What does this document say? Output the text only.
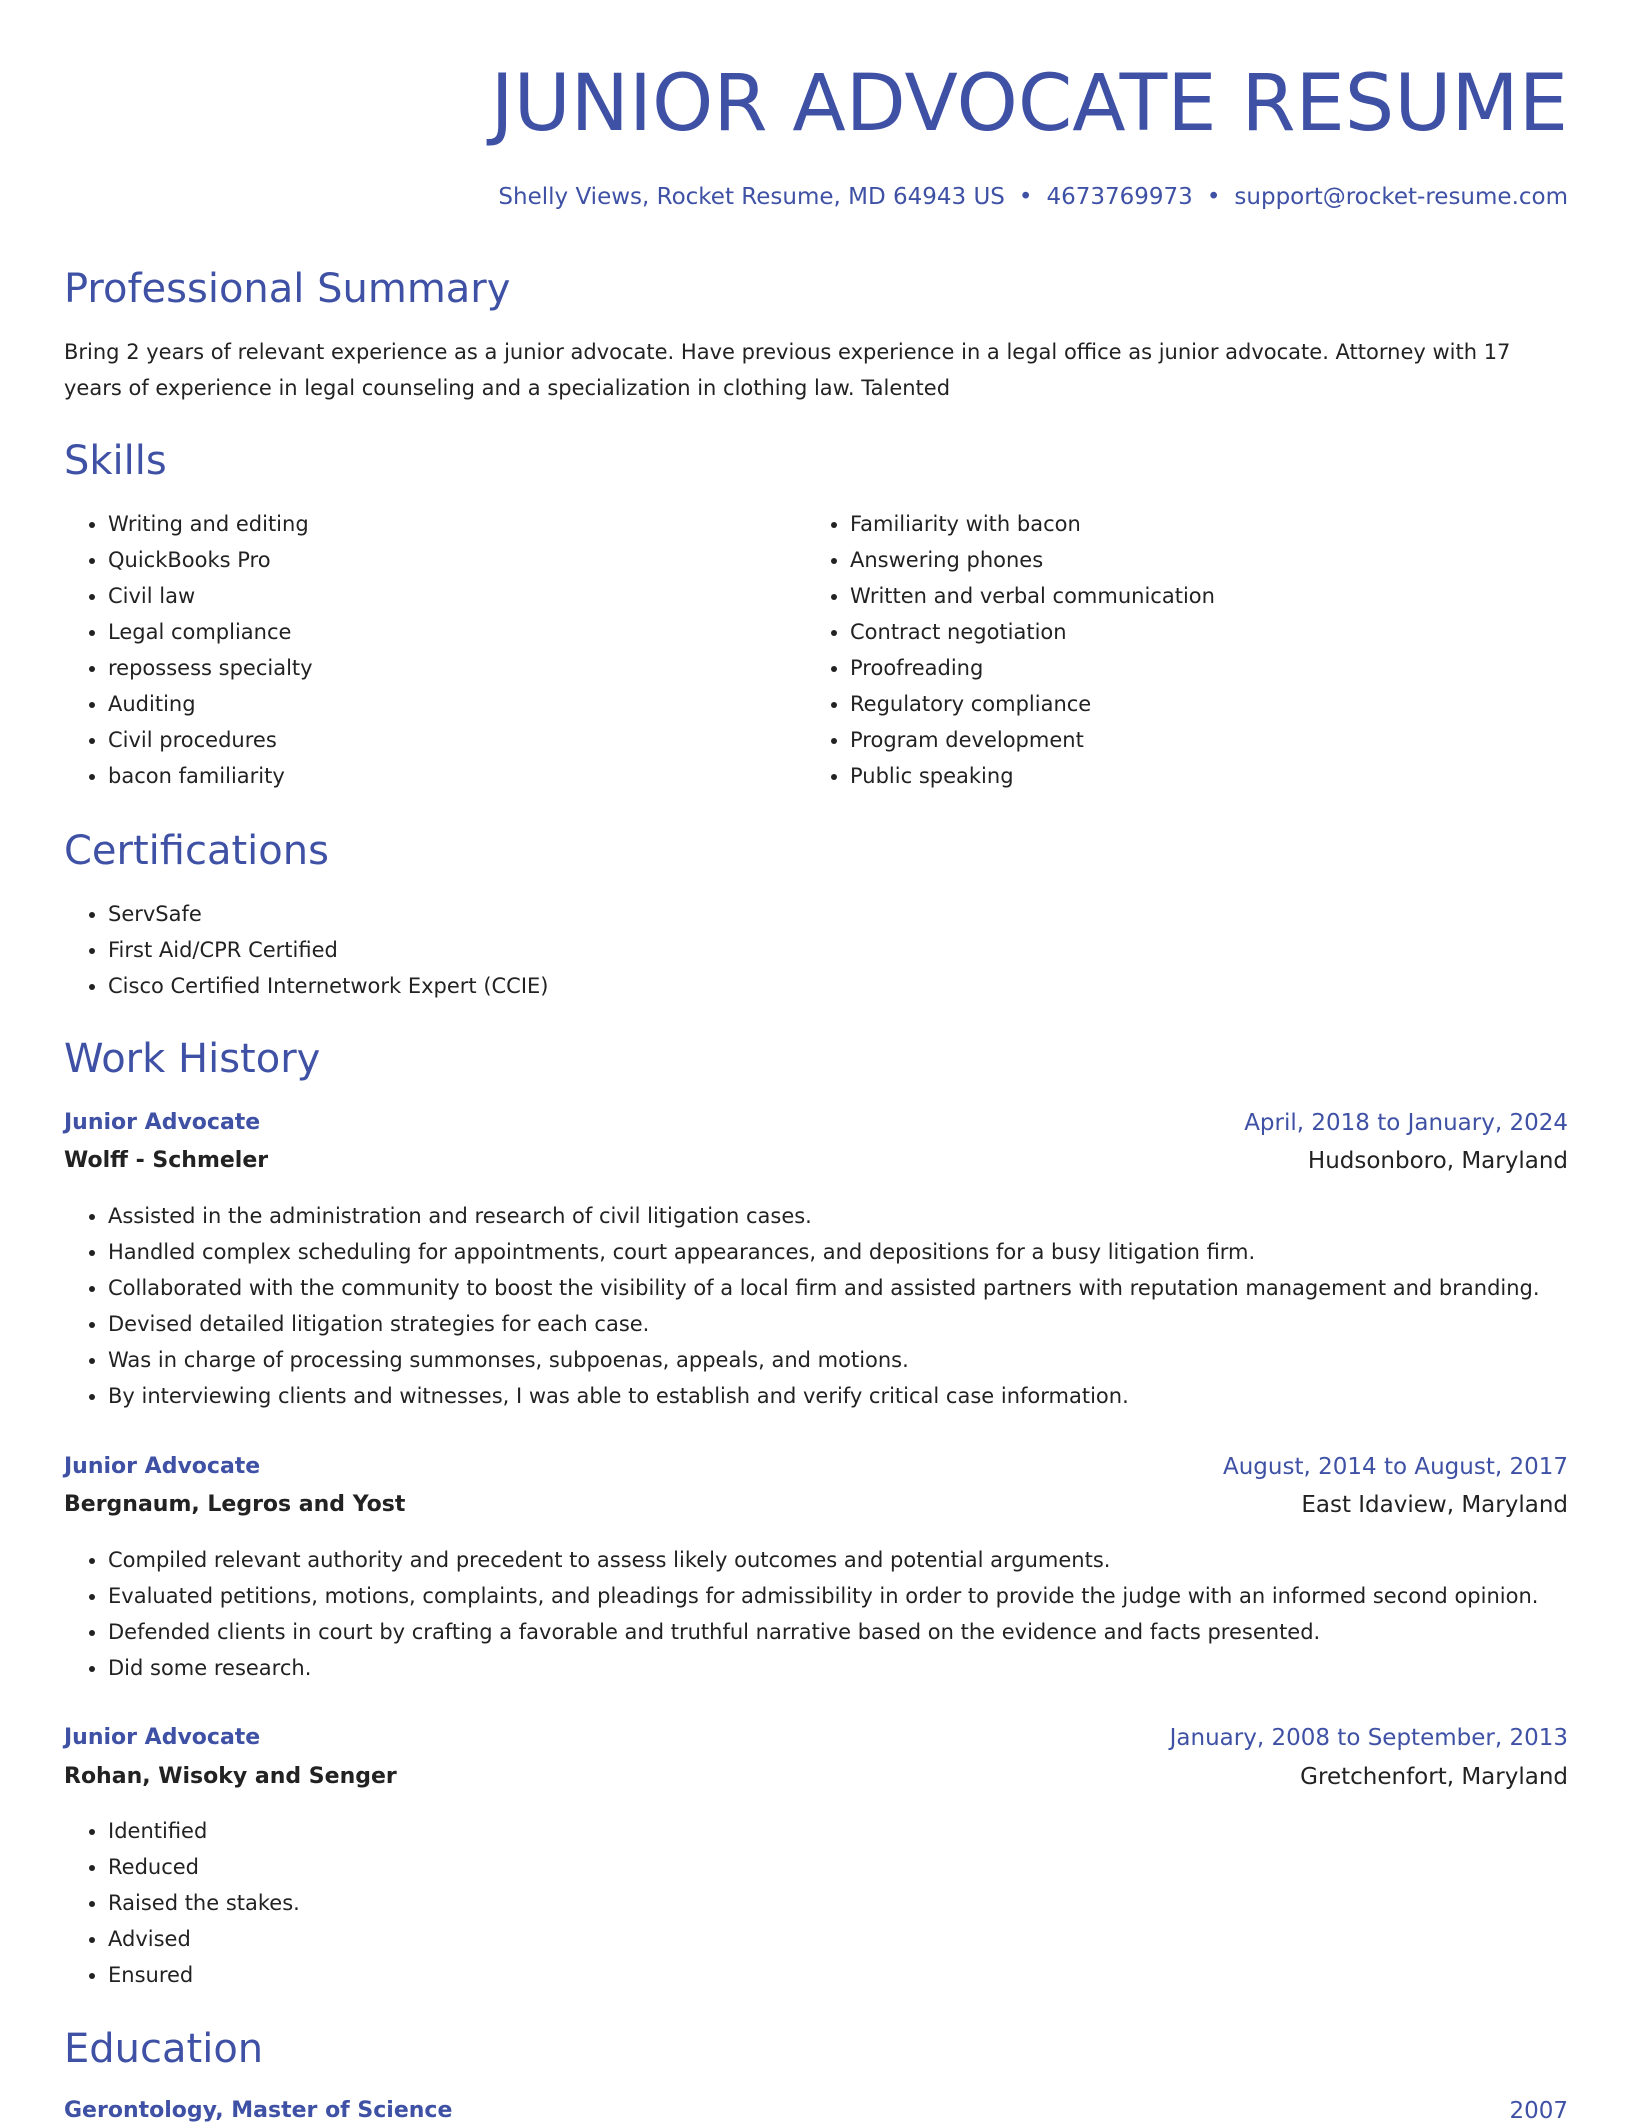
JUNIOR ADVOCATE RESUME
Shelly Views, Rocket Resume, MD 64943 US • 4673769973 • support@rocket-resume.com
Professional Summary

Bring 2 years of relevant experience as a junior advocate. Have previous experience in a legal office as junior advocate. Attorney with 17 years of experience in legal counseling and a specialization in clothing law. Talented

Skills
• Writing and editing
• QuickBooks Pro
• Civil law
• Legal compliance
• repossess specialty
• Auditing
• Civil procedures
• bacon familiarity
• Familiarity with bacon
• Answering phones
• Written and verbal communication
• Contract negotiation
• Proofreading
• Regulatory compliance
• Program development
• Public speaking
Certifications
• ServSafe
• First Aid/CPR Certified
• Cisco Certified Internetwork Expert (CCIE)
Work History
Junior Advocate	April, 2018 to January, 2024
Wolff - Schmeler	Hudsonboro, Maryland
• Assisted in the administration and research of civil litigation cases.
• Handled complex scheduling for appointments, court appearances, and depositions for a busy litigation firm.
• Collaborated with the community to boost the visibility of a local firm and assisted partners with reputation management and branding.
• Devised detailed litigation strategies for each case.
• Was in charge of processing summonses, subpoenas, appeals, and motions.
• By interviewing clients and witnesses, I was able to establish and verify critical case information.
Junior Advocate	August, 2014 to August, 2017
Bergnaum, Legros and Yost	East Idaview, Maryland
• Compiled relevant authority and precedent to assess likely outcomes and potential arguments.
• Evaluated petitions, motions, complaints, and pleadings for admissibility in order to provide the judge with an informed second opinion.
• Defended clients in court by crafting a favorable and truthful narrative based on the evidence and facts presented.
• Did some research.
Junior Advocate	January, 2008 to September, 2013
Rohan, Wisoky and Senger	Gretchenfort, Maryland
• Identified
• Reduced
• Raised the stakes.
• Advised
• Ensured
Education
Gerontology, Master of Science	2007
